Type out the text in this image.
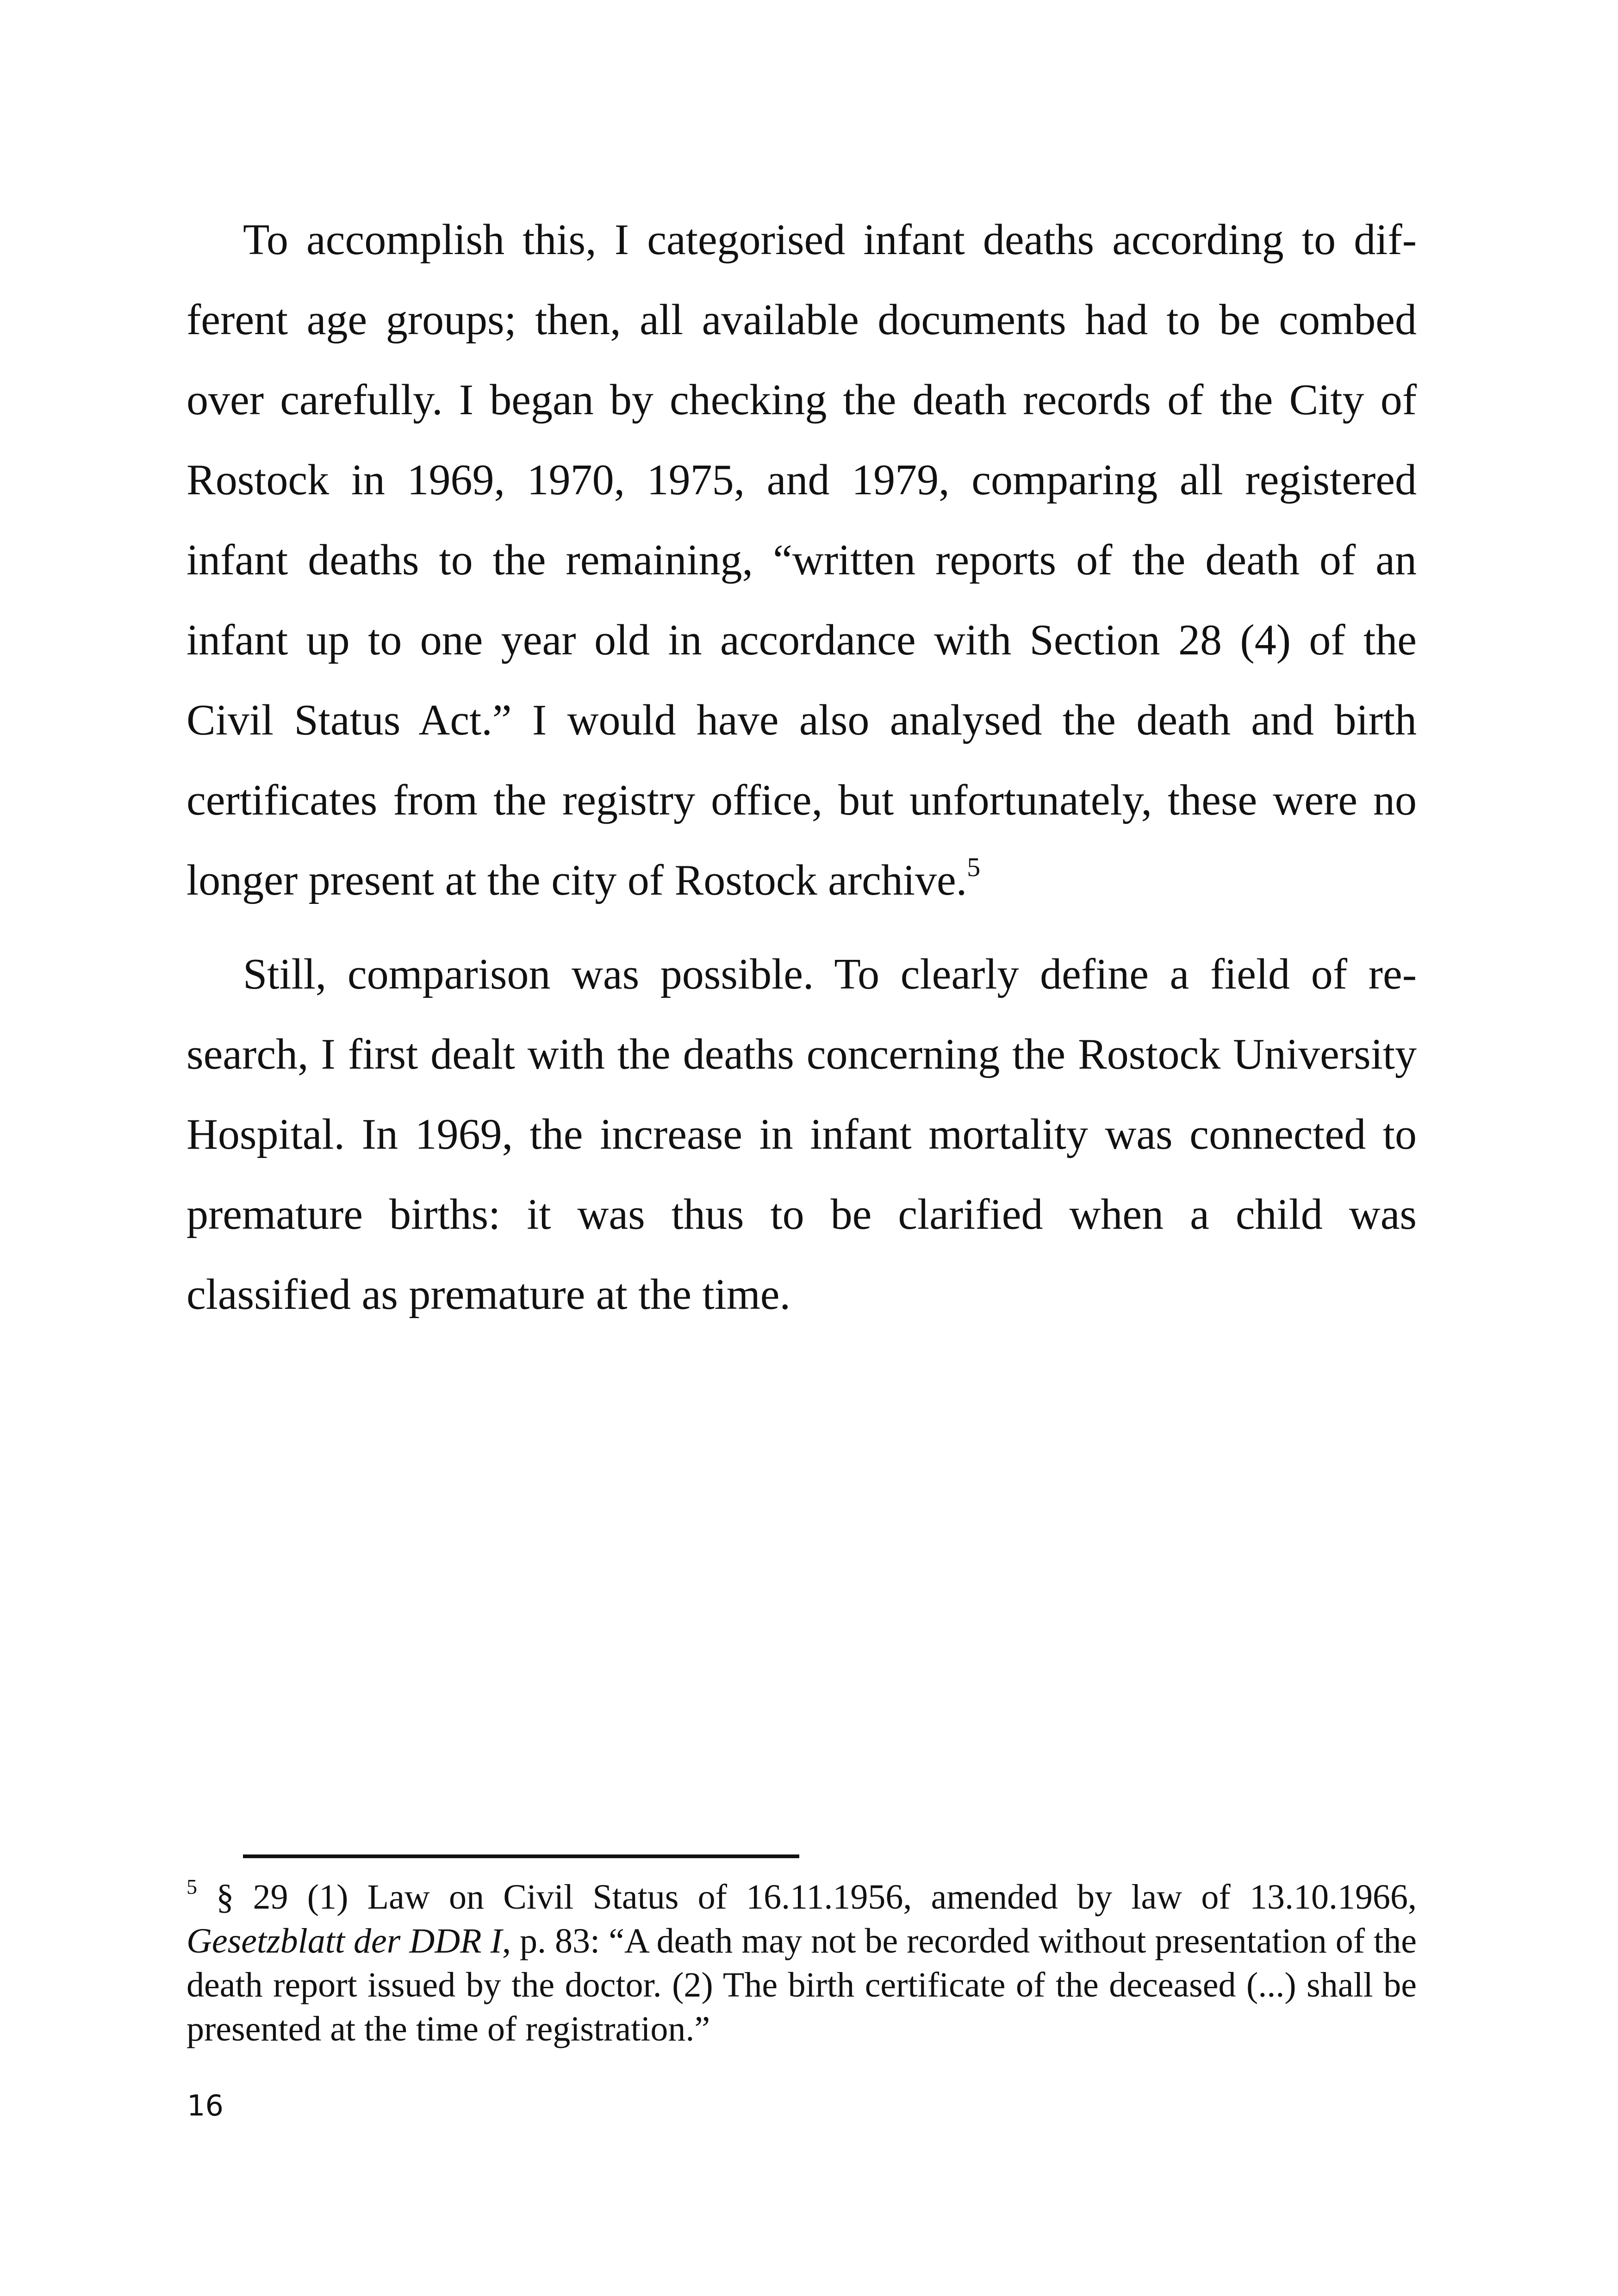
To accomplish this, I categorised infant deaths according to different age groups; then, all available documents had to be combed over carefully. I began by checking the death records of the City of Rostock in 1969, 1970, 1975, and 1979, comparing all registered infant deaths to the remaining, “written reports of the death of an infant up to one year old in accordance with Section 28 (4) of the Civil Status Act.” I would have also analysed the death and birth certificates from the registry office, but unfortunately, these were no longer present at the city of Rostock archive.$^5$

Still, comparison was possible. To clearly define a field of research, I first dealt with the deaths concerning the Rostock University Hospital. In 1969, the increase in infant mortality was connected to premature births: it was thus to be clarified when a child was classified as premature at the time.

$^5$ § 29 (1) Law on Civil Status of 16.11.1956, amended by law of 13.10.1966, Gesetzblatt der DDR I, p. 83: “A death may not be recorded without presentation of the death report issued by the doctor. (2) The birth certificate of the deceased (...) shall be presented at the time of registration.”

16
